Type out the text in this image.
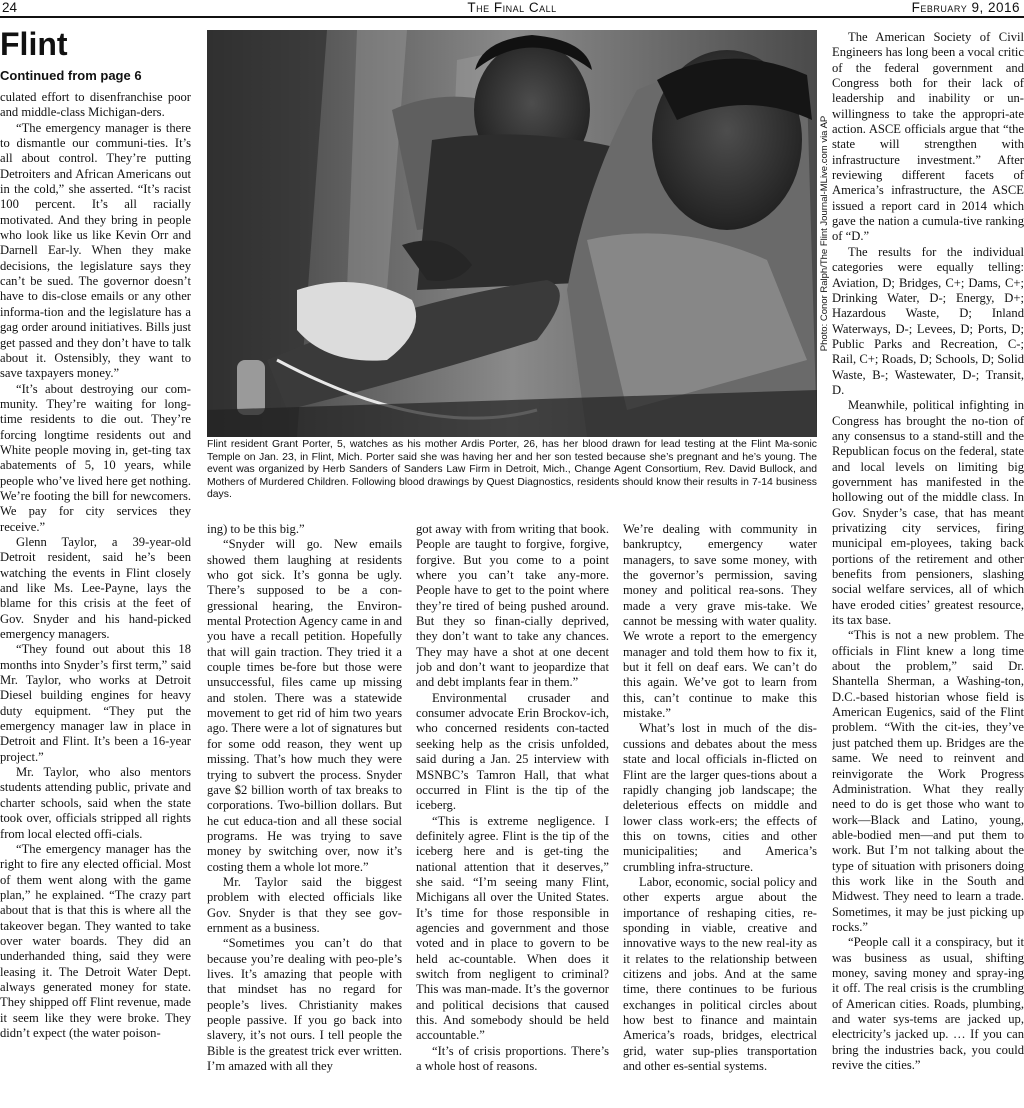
24	The Final Call	February 9, 2016
Flint
Continued from page 6

culated effort to disenfranchise poor and middle-class Michigan-ders.

“The emergency manager is there to dismantle our communi-ties. It’s all about control. They’re putting Detroiters and African Americans out in the cold,” she asserted. “It’s racist 100 percent. It’s all racially motivated. And they bring in people who look like us like Kevin Orr and Darnell Ear-ly. When they make decisions, the legislature says they can’t be sued. The governor doesn’t have to dis-close emails or any other informa-tion and the legislature has a gag order around initiatives. Bills just get passed and they don’t have to talk about it. Ostensibly, they want to save taxpayers money.”

“It’s about destroying our com-munity. They’re waiting for long-time residents to die out. They’re forcing longtime residents out and White people moving in, get-ting tax abatements of 5, 10 years, while people who’ve lived here get nothing. We’re footing the bill for newcomers. We pay for city services they receive.”

Glenn Taylor, a 39-year-old Detroit resident, said he’s been watching the events in Flint closely and like Ms. Lee-Payne, lays the blame for this crisis at the feet of Gov. Snyder and his hand-picked emergency managers.

“They found out about this 18 months into Snyder’s first term,” said Mr. Taylor, who works at Detroit Diesel building engines for heavy duty equipment. “They put the emergency manager law in place in Detroit and Flint. It’s been a 16-year project.”

Mr. Taylor, who also mentors students attending public, private and charter schools, said when the state took over, officials stripped all rights from local elected offi-cials.

“The emergency manager has the right to fire any elected official. Most of them went along with the game plan,” he explained. “The crazy part about that is that this is where all the takeover began. They wanted to take over water boards. They did an underhanded thing, said they were leasing it. The Detroit Water Dept. always generated money for state. They shipped off Flint revenue, made it seem like they were broke. They didn’t expect (the water poison-

Photo: Conor Ralph/The Flint Journal-MLive.com via AP
Flint resident Grant Porter, 5, watches as his mother Ardis Porter, 26, has her blood drawn for lead testing at the Flint Ma-sonic Temple on Jan. 23, in Flint, Mich. Porter said she was having her and her son tested because she’s pregnant and he’s young. The event was organized by Herb Sanders of Sanders Law Firm in Detroit, Mich., Change Agent Consortium, Rev. David Bullock, and Mothers of Murdered Children. Following blood drawings by Quest Diagnostics, residents should know their results in 7-14 business days.

ing) to be this big.”

“Snyder will go. New emails showed them laughing at residents who got sick. It’s gonna be ugly. There’s supposed to be a con-gressional hearing, the Environ-mental Protection Agency came in and you have a recall petition. Hopefully that will gain traction. They tried it a couple times be-fore but those were unsuccessful, files came up missing and stolen. There was a statewide movement to get rid of him two years ago. There were a lot of signatures but for some odd reason, they went up missing. That’s how much they were trying to subvert the process. Snyder gave $2 billion worth of tax breaks to corporations. Two-billion dollars. But he cut educa-tion and all these social programs. He was trying to save money by switching over, now it’s costing them a whole lot more.”

Mr. Taylor said the biggest problem with elected officials like Gov. Snyder is that they see gov-ernment as a business.

“Sometimes you can’t do that because you’re dealing with peo-ple’s lives. It’s amazing that people with that mindset has no regard for people’s lives. Christianity makes people passive. If you go back into slavery, it’s not ours. I tell people the Bible is the greatest trick ever written. I’m amazed with all they

got away with from writing that book. People are taught to forgive, forgive, forgive. But you come to a point where you can’t take any-more. People have to get to the point where they’re tired of being pushed around. But they so finan-cially deprived, they don’t want to take any chances. They may have a shot at one decent job and don’t want to jeopardize that and debt implants fear in them.”

Environmental crusader and consumer advocate Erin Brockov-ich, who concerned residents con-tacted seeking help as the crisis unfolded, said during a Jan. 25 interview with MSNBC’s Tamron Hall, that what occurred in Flint is the tip of the iceberg.

“This is extreme negligence. I definitely agree. Flint is the tip of the iceberg here and is get-ting the national attention that it deserves,” she said. “I’m seeing many Flint, Michigans all over the United States. It’s time for those responsible in agencies and government and those voted and in place to govern to be held ac-countable. When does it switch from negligent to criminal? This was man-made. It’s the governor and political decisions that caused this. And somebody should be held accountable.”

“It’s of crisis proportions. There’s a whole host of reasons.

We’re dealing with community in bankruptcy, emergency water managers, to save some money, with the governor’s permission, saving money and political rea-sons. They made a very grave mis-take. We cannot be messing with water quality. We wrote a report to the emergency manager and told them how to fix it, but it fell on deaf ears. We can’t do this again. We’ve got to learn from this, can’t continue to make this mistake.”

What’s lost in much of the dis-cussions and debates about the mess state and local officials in-flicted on Flint are the larger ques-tions about a rapidly changing job landscape; the deleterious effects on middle and lower class work-ers; the effects of this on towns, cities and other municipalities; and America’s crumbling infra-structure.

Labor, economic, social policy and other experts argue about the importance of reshaping cities, re-sponding in viable, creative and innovative ways to the new real-ity as it relates to the relationship between citizens and jobs. And at the same time, there continues to be furious exchanges in political circles about how best to finance and maintain America’s roads, bridges, electrical grid, water sup-plies transportation and other es-sential systems.

The American Society of Civil Engineers has long been a vocal critic of the federal government and Congress both for their lack of leadership and inability or un-willingness to take the appropri-ate action. ASCE officials argue that “the state will strengthen with infrastructure investment.” After reviewing different facets of America’s infrastructure, the ASCE issued a report card in 2014 which gave the nation a cumula-tive ranking of “D.”

The results for the individual categories were equally telling: Aviation, D; Bridges, C+; Dams, C+; Drinking Water, D-; Energy, D+; Hazardous Waste, D; Inland Waterways, D-; Levees, D; Ports, D; Public Parks and Recreation, C-; Rail, C+; Roads, D; Schools, D; Solid Waste, B-; Wastewater, D-; Transit, D.

Meanwhile, political infighting in Congress has brought the no-tion of any consensus to a stand-still and the Republican focus on the federal, state and local levels on limiting big government has manifested in the hollowing out of the middle class. In Gov. Snyder’s case, that has meant privatizing city services, firing municipal em-ployees, taking back portions of the retirement and other benefits from pensioners, slashing social welfare services, all of which have eroded cities’ greatest resource, its tax base.

“This is not a new problem. The officials in Flint knew a long time about the problem,” said Dr. Shantella Sherman, a Washing-ton, D.C.-based historian whose field is American Eugenics, said of the Flint problem. “With the cit-ies, they’ve just patched them up. Bridges are the same. We need to reinvent and reinvigorate the Work Progress Administration. What they really need to do is get those who want to work—Black and Latino, young, able-bodied men—and put them to work. But I’m not talking about the type of situation with prisoners doing this work like in the South and Midwest. They need to learn a trade. Sometimes, it may be just picking up rocks.”

“People call it a conspiracy, but it was business as usual, shifting money, saving money and spray-ing it off. The real crisis is the crumbling of American cities. Roads, plumbing, and water sys-tems are jacked up, electricity’s jacked up. … If you can bring the industries back, you could revive the cities.”
